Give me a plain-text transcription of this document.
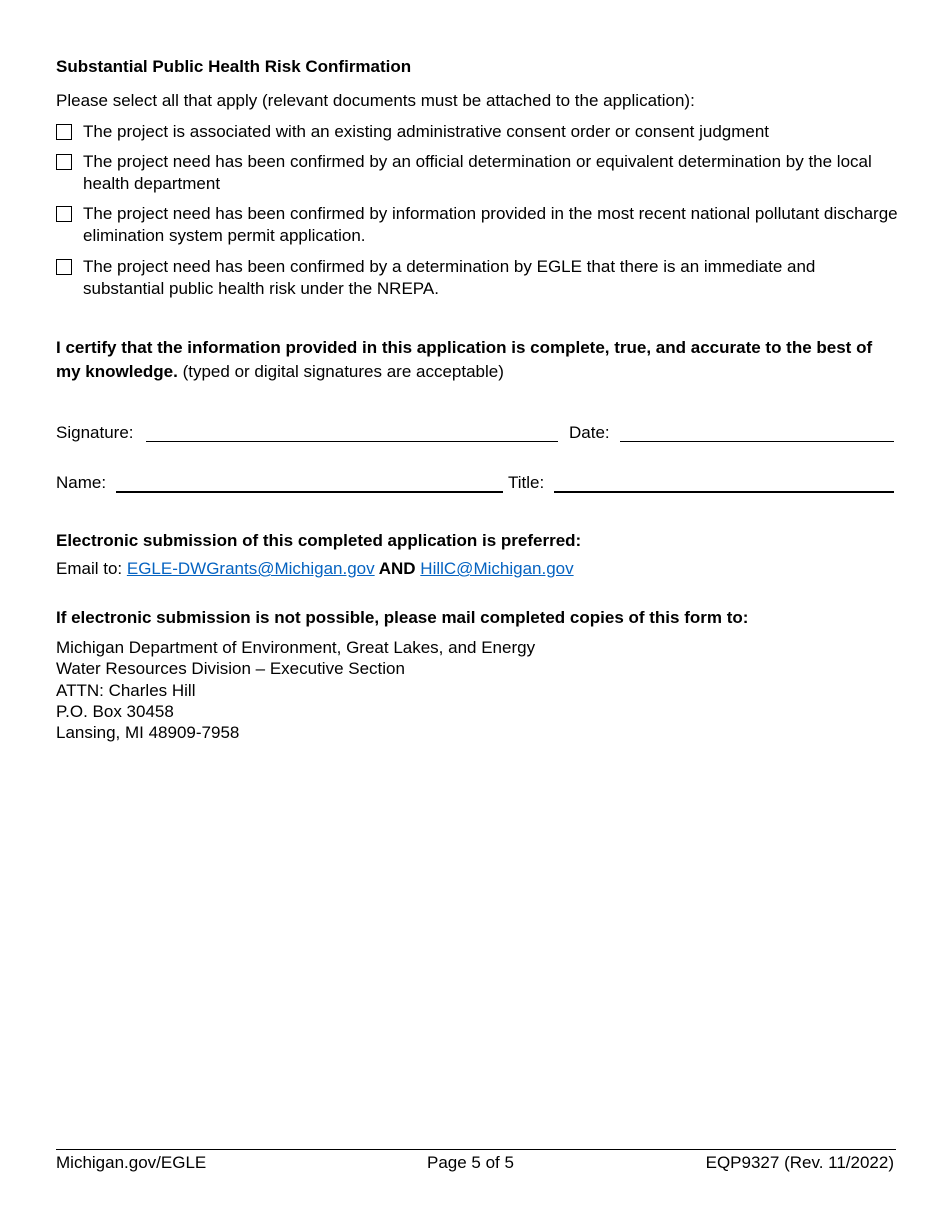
Substantial Public Health Risk Confirmation
Please select all that apply (relevant documents must be attached to the application):
The project is associated with an existing administrative consent order or consent judgment
The project need has been confirmed by an official determination or equivalent determination by the local health department
The project need has been confirmed by information provided in the most recent national pollutant discharge elimination system permit application.
The project need has been confirmed by a determination by EGLE that there is an immediate and substantial public health risk under the NREPA.
I certify that the information provided in this application is complete, true, and accurate to the best of my knowledge. (typed or digital signatures are acceptable)
Signature:	Date:
Name:	Title:
Electronic submission of this completed application is preferred:
Email to: EGLE-DWGrants@Michigan.gov AND HillC@Michigan.gov
If electronic submission is not possible, please mail completed copies of this form to:
Michigan Department of Environment, Great Lakes, and Energy
Water Resources Division – Executive Section
ATTN: Charles Hill
P.O. Box 30458
Lansing, MI 48909-7958
Michigan.gov/EGLE	Page 5 of 5	EQP9327 (Rev. 11/2022)
